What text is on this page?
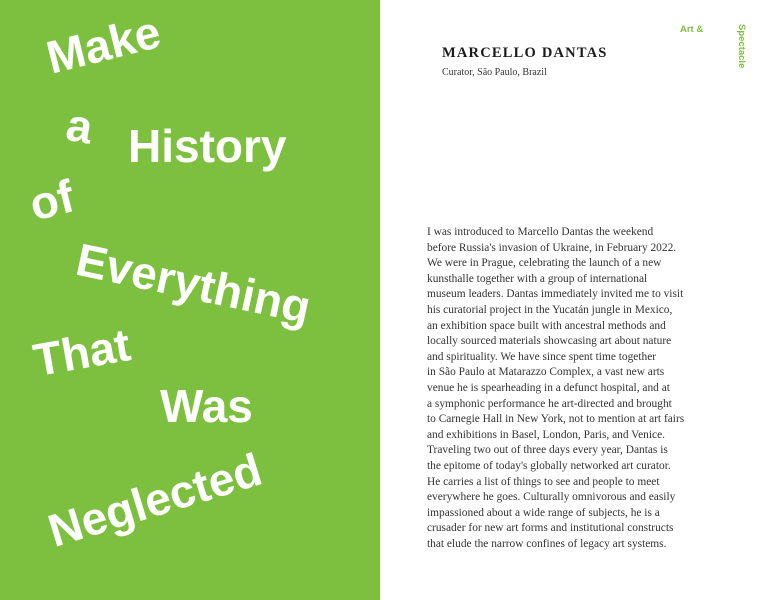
Make
a History
of
Everything
That
Was
Neglected

Art &	Spectacle

MARCELLO DANTAS

Curator, São Paulo, Brazil

I was introduced to Marcello Dantas the weekend
before Russia's invasion of Ukraine, in February 2022.
We were in Prague, celebrating the launch of a new
kunsthalle together with a group of international
museum leaders. Dantas immediately invited me to visit
his curatorial project in the Yucatán jungle in Mexico,
an exhibition space built with ancestral methods and
locally sourced materials showcasing art about nature
and spirituality. We have since spent time together
in São Paulo at Matarazzo Complex, a vast new arts
venue he is spearheading in a defunct hospital, and at
a symphonic performance he art-directed and brought
to Carnegie Hall in New York, not to mention at art fairs
and exhibitions in Basel, London, Paris, and Venice.
Traveling two out of three days every year, Dantas is
the epitome of today's globally networked art curator.
He carries a list of things to see and people to meet
everywhere he goes. Culturally omnivorous and easily
impassioned about a wide range of subjects, he is a
crusader for new art forms and institutional constructs
that elude the narrow confines of legacy art systems.
